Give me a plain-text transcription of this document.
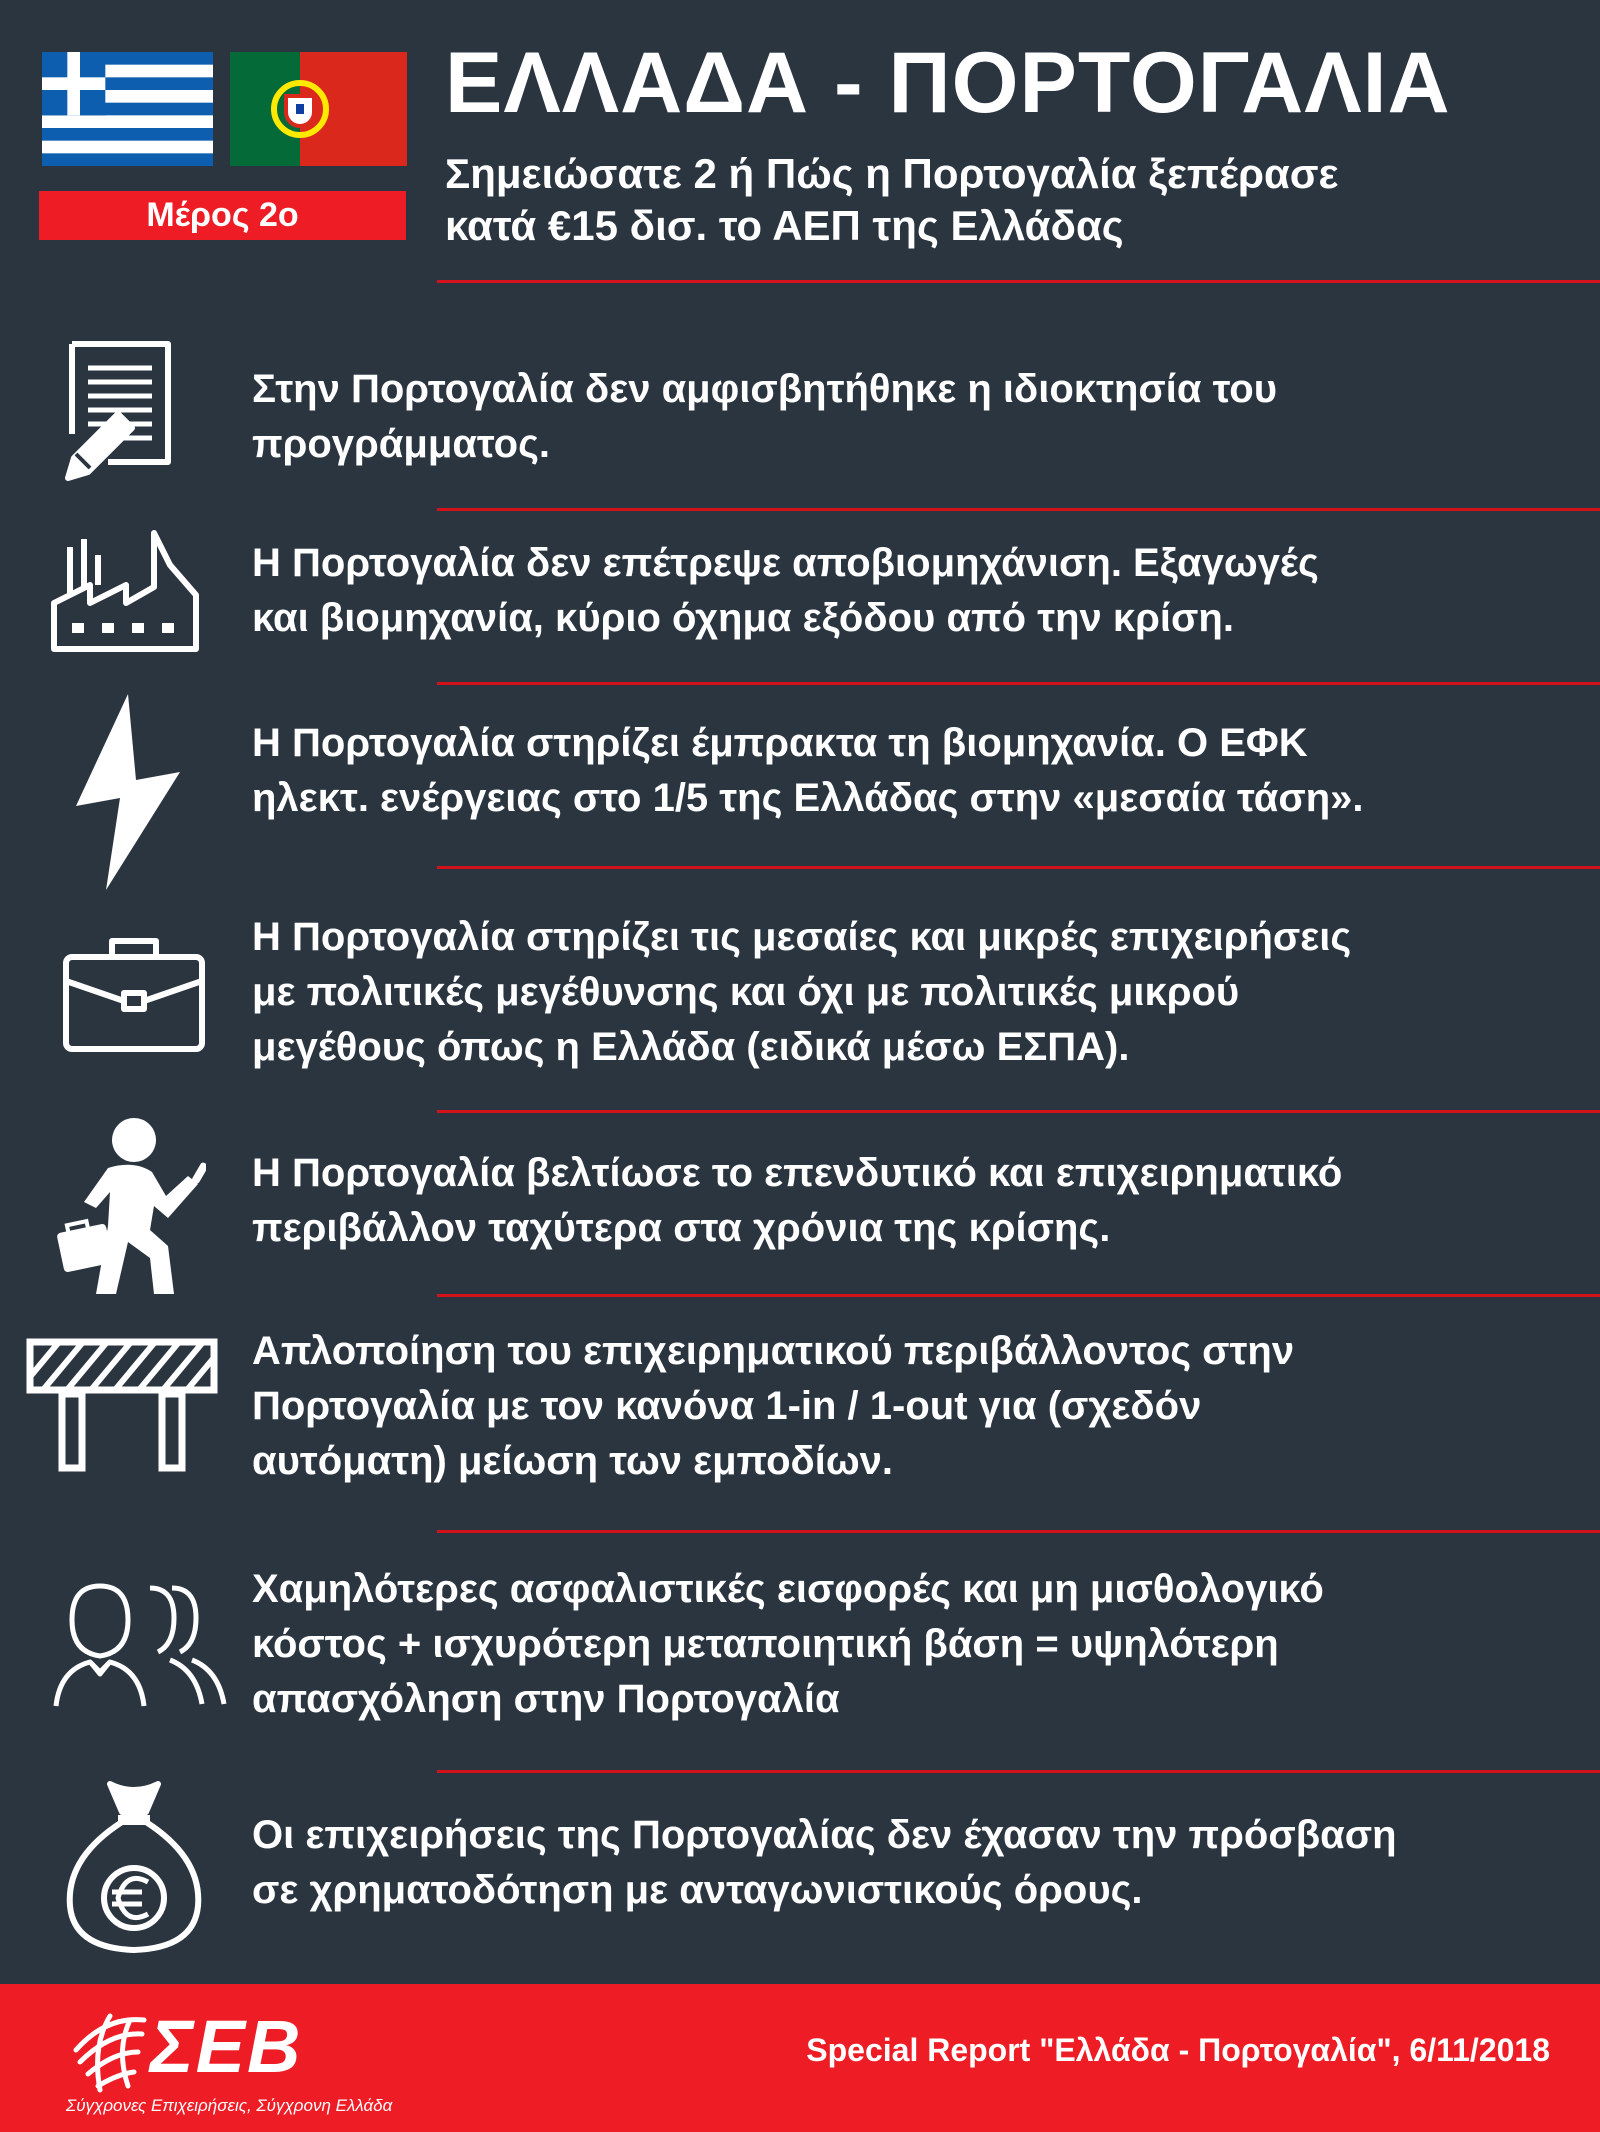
Μέρος 2ο
ΕΛΛΑΔΑ - ΠΟΡΤΟΓΑΛΙΑ
Σημειώσατε 2 ή Πώς η Πορτογαλία ξεπέρασε
κατά €15 δισ. το ΑΕΠ της Ελλάδας
Στην Πορτογαλία δεν αμφισβητήθηκε η ιδιοκτησία του
προγράμματος.
Η Πορτογαλία δεν επέτρεψε αποβιομηχάνιση. Εξαγωγές
και βιομηχανία, κύριο όχημα εξόδου από την κρίση.
Η Πορτογαλία στηρίζει έμπρακτα τη βιομηχανία. Ο ΕΦΚ
ηλεκτ. ενέργειας στο 1/5 της Ελλάδας στην «μεσαία τάση».
Η Πορτογαλία στηρίζει τις μεσαίες και μικρές επιχειρήσεις
με πολιτικές μεγέθυνσης και όχι με πολιτικές μικρού
μεγέθους όπως η Ελλάδα (ειδικά μέσω ΕΣΠΑ).
Η Πορτογαλία βελτίωσε το επενδυτικό και επιχειρηματικό
περιβάλλον ταχύτερα στα χρόνια της κρίσης.
Απλοποίηση του επιχειρηματικού περιβάλλοντος στην
Πορτογαλία με τον κανόνα 1-in / 1-out για (σχεδόν
αυτόματη) μείωση των εμποδίων.
Χαμηλότερες ασφαλιστικές εισφορές και μη μισθολογικό
κόστος + ισχυρότερη μεταποιητική βάση = υψηλότερη
απασχόληση στην Πορτογαλία
Οι επιχειρήσεις της Πορτογαλίας δεν έχασαν την πρόσβαση
σε χρηματοδότηση με ανταγωνιστικούς όρους.
ΣΕΒ
Σύγχρονες Επιχειρήσεις, Σύγχρονη Ελλάδα
Special Report "Ελλάδα - Πορτογαλία", 6/11/2018
